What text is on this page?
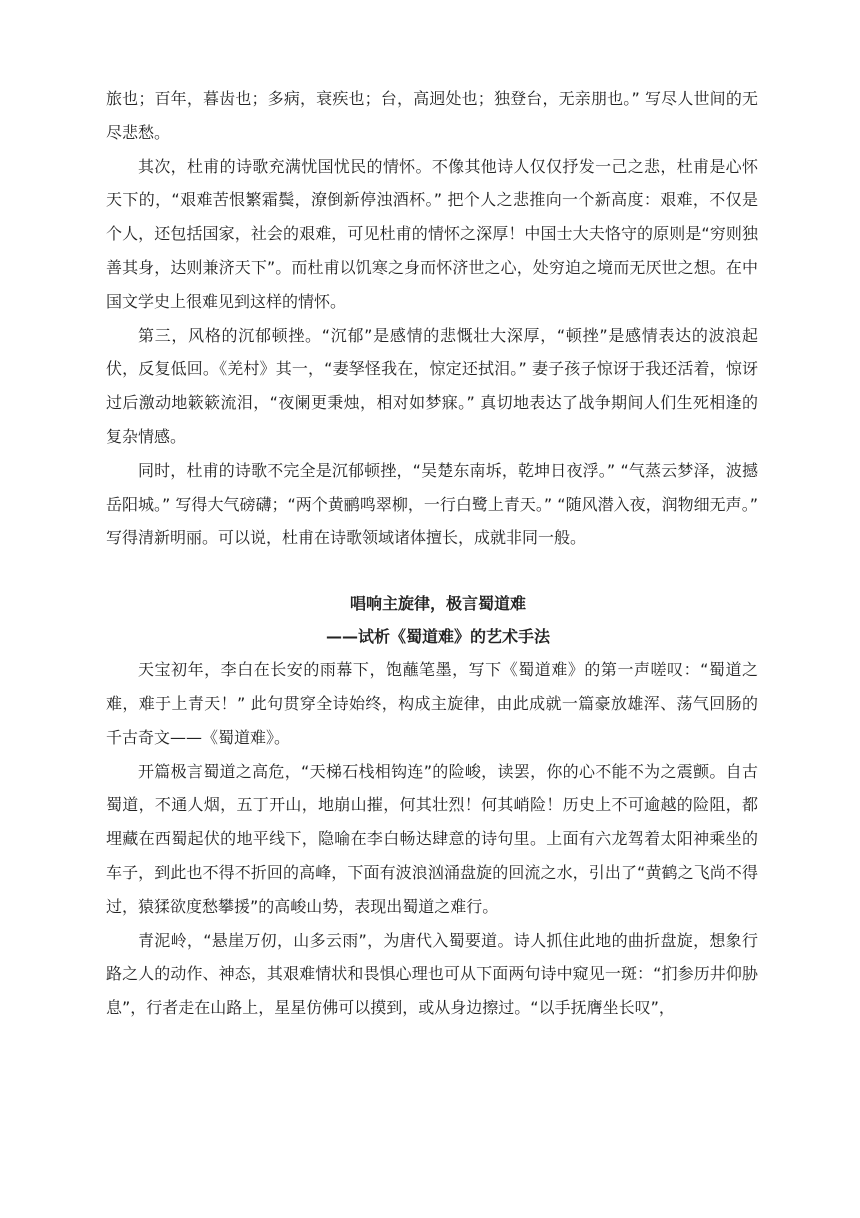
旅也；百年，暮齿也；多病，衰疾也；台，高迥处也；独登台，无亲朋也。” 写尽人世间的无尽悲愁。

其次，杜甫的诗歌充满忧国忧民的情怀。不像其他诗人仅仅抒发一己之悲，杜甫是心怀天下的，“艰难苦恨繁霜鬓，潦倒新停浊酒杯。” 把个人之悲推向一个新高度：艰难，不仅是个人，还包括国家，社会的艰难，可见杜甫的情怀之深厚！中国士大夫恪守的原则是“穷则独善其身，达则兼济天下”。而杜甫以饥寒之身而怀济世之心，处穷迫之境而无厌世之想。在中国文学史上很难见到这样的情怀。

第三，风格的沉郁顿挫。“沉郁”是感情的悲慨壮大深厚，“顿挫”是感情表达的波浪起伏，反复低回。《羌村》其一，“妻孥怪我在，惊定还拭泪。” 妻子孩子惊讶于我还活着，惊讶过后激动地簌簌流泪，“夜阑更秉烛，相对如梦寐。” 真切地表达了战争期间人们生死相逢的复杂情感。

同时，杜甫的诗歌不完全是沉郁顿挫，“吴楚东南坼，乾坤日夜浮。” “气蒸云梦泽，波撼岳阳城。” 写得大气磅礴；“两个黄鹂鸣翠柳，一行白鹭上青天。” “随风潜入夜，润物细无声。” 写得清新明丽。可以说，杜甫在诗歌领域诸体擅长，成就非同一般。

唱响主旋律，极言蜀道难
——试析《蜀道难》的艺术手法

天宝初年，李白在长安的雨幕下，饱蘸笔墨，写下《蜀道难》的第一声嗟叹：“蜀道之难，难于上青天！” 此句贯穿全诗始终，构成主旋律，由此成就一篇豪放雄浑、荡气回肠的千古奇文——《蜀道难》。

开篇极言蜀道之高危，“天梯石栈相钩连”的险峻，读罢，你的心不能不为之震颤。自古蜀道，不通人烟，五丁开山，地崩山摧，何其壮烈！何其峭险！历史上不可逾越的险阻，都埋藏在西蜀起伏的地平线下，隐喻在李白畅达肆意的诗句里。上面有六龙驾着太阳神乘坐的车子，到此也不得不折回的高峰，下面有波浪汹涌盘旋的回流之水，引出了“黄鹤之飞尚不得过，猿猱欲度愁攀援”的高峻山势，表现出蜀道之难行。

青泥岭，“悬崖万仞，山多云雨”，为唐代入蜀要道。诗人抓住此地的曲折盘旋，想象行路之人的动作、神态，其艰难情状和畏惧心理也可从下面两句诗中窥见一斑：“扪参历井仰胁息”，行者走在山路上，星星仿佛可以摸到，或从身边擦过。“以手抚膺坐长叹”，
